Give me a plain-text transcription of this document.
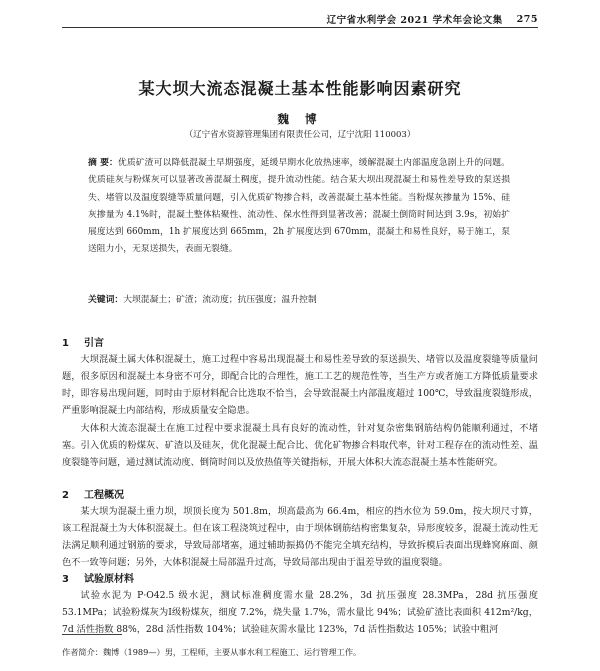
辽宁省水利学会 2021 学术年会论文集 275
某大坝大流态混凝土基本性能影响因素研究
魏 博
（辽宁省水资源管理集团有限责任公司，辽宁沈阳 110003）
摘 要：优质矿渣可以降低混凝土早期强度，延缓早期水化放热速率，缓解混凝土内部温度急剧上升的问题。优质硅灰与粉煤灰可以显著改善混凝土稠度，提升流动性能。结合某大坝出现混凝土和易性差导致的泵送损失、堵管以及温度裂缝等质量问题，引入优质矿物掺合料，改善混凝土基本性能。当粉煤灰掺量为 15%、硅灰掺量为 4.1%时，混凝土整体粘聚性、流动性、保水性得到显著改善；混凝土倒筒时间达到 3.9s，初始扩展度达到 660mm，1h 扩展度达到 665mm，2h 扩展度达到 670mm，混凝土和易性良好，易于施工，泵送阻力小，无泵送损失，表面无裂缝。
关键词：大坝混凝土；矿渣；流动度；抗压强度；温升控制
1 引言
大坝混凝土属大体积混凝土，施工过程中容易出现混凝土和易性差导致的泵送损失、堵管以及温度裂缝等质量问题，很多原因和混凝土本身密不可分，即配合比的合理性，施工工艺的规范性等，当生产方或者施工方降低质量要求时，即容易出现问题，同时由于原材料配合比选取不恰当，会导致混凝土内部温度超过 100℃，导致温度裂缝形成，严重影响混凝土内部结构，形成质量安全隐患。
大体积大流态混凝土在施工过程中要求混凝土具有良好的流动性，针对复杂密集钢筋结构仍能顺利通过，不堵塞。引入优质的粉煤灰、矿渣以及硅灰，优化混凝土配合比、优化矿物掺合料取代率，针对工程存在的流动性差、温度裂缝等问题，通过测试流动度、倒筒时间以及放热值等关键指标，开展大体积大流态混凝土基本性能研究。
2 工程概况
某大坝为混凝土重力坝，坝顶长度为 501.8m，坝高最高为 66.4m，相应的挡水位为 59.0m，按大坝尺寸算，该工程混凝土为大体积混凝土。但在该工程浇筑过程中，由于坝体钢筋结构密集复杂，异形度较多，混凝土流动性无法满足顺利通过钢筋的要求，导致局部堵塞，通过辅助振捣仍不能完全填充结构，导致拆模后表面出现蜂窝麻面、颜色不一致等问题；另外，大体积混凝土局部温升过高，导致局部出现由于温差导致的温度裂缝。
3 试验原材料
试验水泥为 P·O42.5 级水泥，测试标准稠度需水量 28.2%，3d 抗压强度 28.3MPa，28d 抗压强度 53.1MPa；试验粉煤灰为Ⅰ级粉煤灰，细度 7.2%，烧失量 1.7%，需水量比 94%；试验矿渣比表面积 412m²/kg，7d 活性指数 88%，28d 活性指数 104%；试验硅灰需水量比 123%，7d 活性指数达 105%；试验中粗河
作者简介：魏博（1989—）男，工程师，主要从事水利工程施工、运行管理工作。
